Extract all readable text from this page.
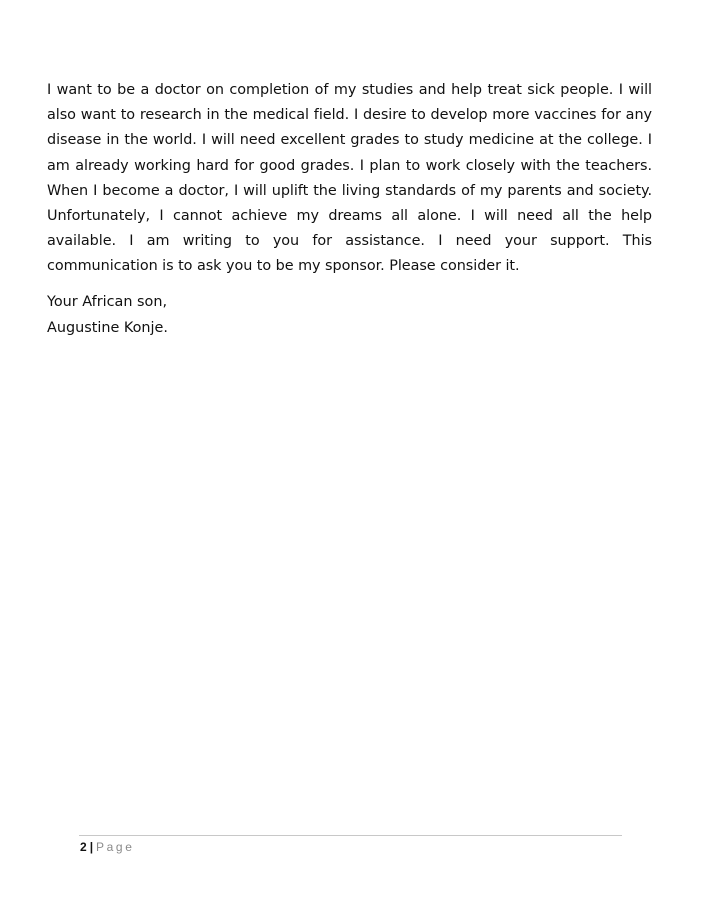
I want to be a doctor on completion of my studies and help treat sick people. I will also want to research in the medical field. I desire to develop more vaccines for any disease in the world. I will need excellent grades to study medicine at the college. I am already working hard for good grades. I plan to work closely with the teachers. When I become a doctor, I will uplift the living standards of my parents and society. Unfortunately, I cannot achieve my dreams all alone. I will need all the help available. I am writing to you for assistance. I need your support. This communication is to ask you to be my sponsor. Please consider it.

Your African son,
Augustine Konje.

2 | Page
